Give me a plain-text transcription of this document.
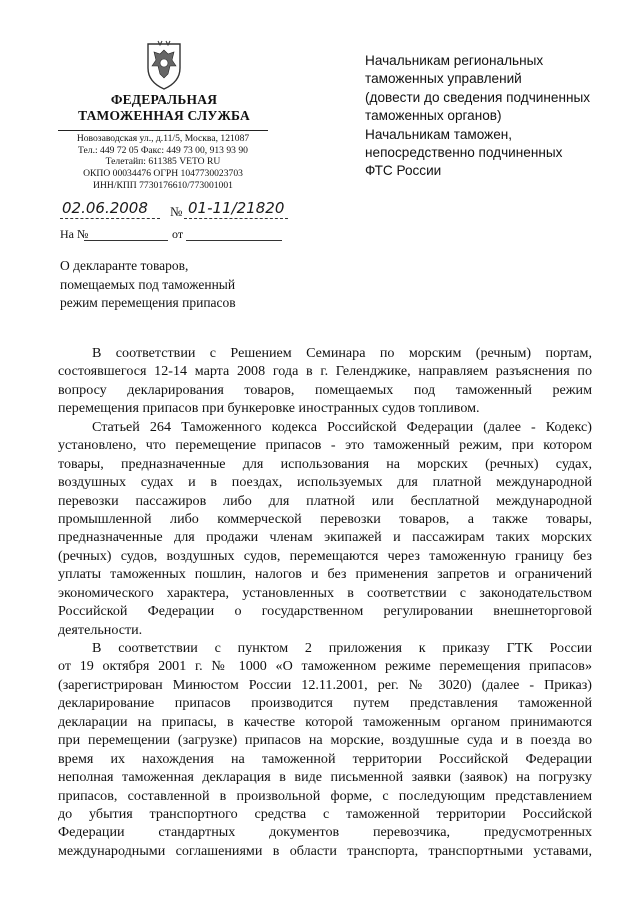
ФЕДЕРАЛЬНАЯ
ТАМОЖЕННАЯ СЛУЖБА
Новозаводская ул., д.11/5, Москва, 121087
Тел.: 449 72 05 Факс: 449 73 00, 913 93 90
Телетайп: 611385 VETO RU
ОКПО 00034476 ОГРН 1047730023703
ИНН/КПП 7730176610/773001001
02.06.2008 № 01-11/21820
На №	от
О декларанте товаров,
помещаемых под таможенный
режим перемещения припасов
Начальникам региональных
таможенных управлений
(довести до сведения подчиненных
таможенных органов)
Начальникам таможен,
непосредственно подчиненных
ФТС России
В соответствии с Решением Семинара по морским (речным) портам,
состоявшегося 12-14 марта 2008 года в г. Геленджике, направляем разъяснения по
вопросу декларирования товаров, помещаемых под таможенный режим
перемещения припасов при бункеровке иностранных судов топливом.
Статьей 264 Таможенного кодекса Российской Федерации (далее - Кодекс)
установлено, что перемещение припасов - это таможенный режим, при котором
товары, предназначенные для использования на морских (речных) судах,
воздушных судах и в поездах, используемых для платной международной
перевозки пассажиров либо для платной или бесплатной международной
промышленной либо коммерческой перевозки товаров, а также товары,
предназначенные для продажи членам экипажей и пассажирам таких морских
(речных) судов, воздушных судов, перемещаются через таможенную границу без
уплаты таможенных пошлин, налогов и без применения запретов и ограничений
экономического характера, установленных в соответствии с законодательством
Российской Федерации о государственном регулировании внешнеторговой
деятельности.
В соответствии с пунктом 2 приложения к приказу ГТК России
от 19 октября 2001 г. № 1000 «О таможенном режиме перемещения припасов»
(зарегистрирован Минюстом России 12.11.2001, рег. № 3020) (далее - Приказ)
декларирование припасов производится путем представления таможенной
декларации на припасы, в качестве которой таможенным органом принимаются
при перемещении (загрузке) припасов на морские, воздушные суда и в поезда во
время их нахождения на таможенной территории Российской Федерации
неполная таможенная декларация в виде письменной заявки (заявок) на погрузку
припасов, составленной в произвольной форме, с последующим представлением
до убытия транспортного средства с таможенной территории Российской
Федерации стандартных документов перевозчика, предусмотренных
международными соглашениями в области транспорта, транспортными уставами,
